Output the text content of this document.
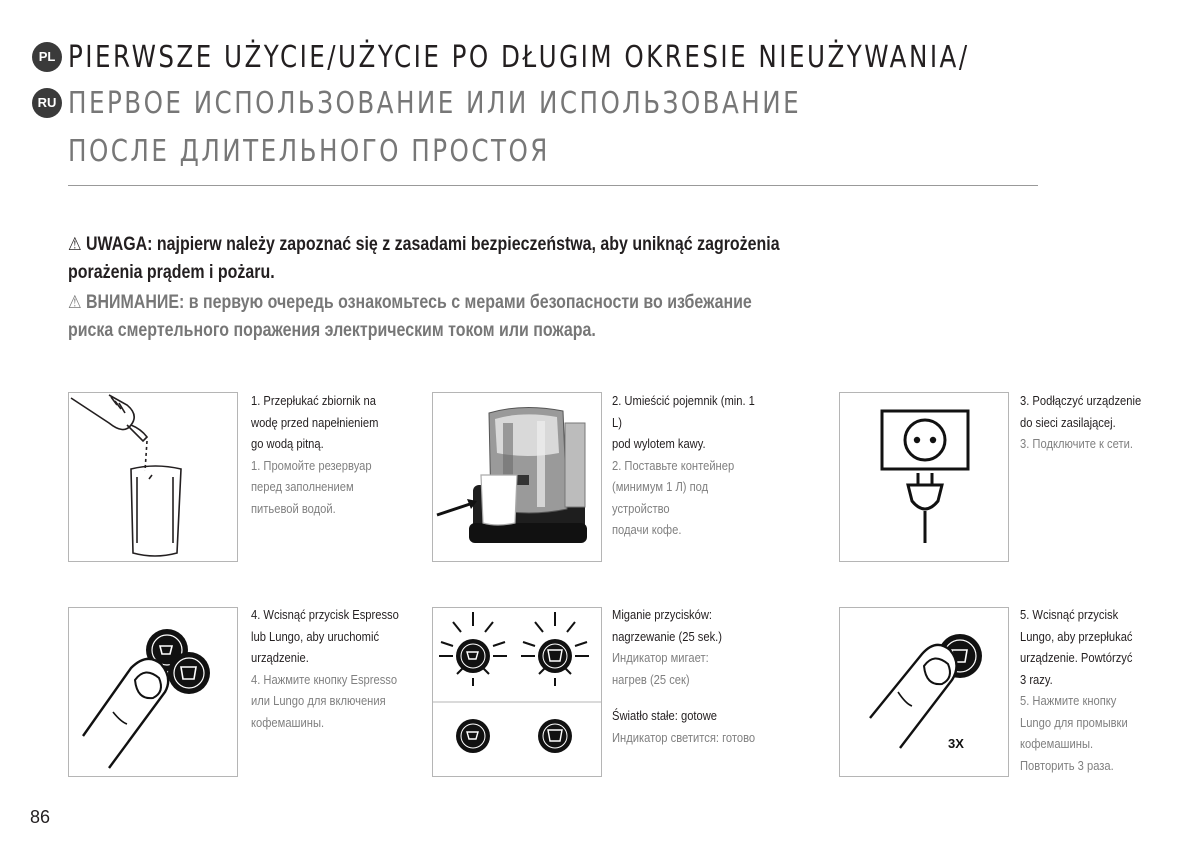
PL
RU
PIERWSZE UŻYCIE/UŻYCIE PO DŁUGIM OKRESIE NIEUŻYWANIA/
ПЕРВОЕ ИСПОЛЬЗОВАНИЕ ИЛИ ИСПОЛЬЗОВАНИЕ
ПОСЛЕ ДЛИТЕЛЬНОГО ПРОСТОЯ
⚠ UWAGA: najpierw należy zapoznać się z zasadami bezpieczeństwa, aby uniknąć zagrożenia
porażenia prądem i pożaru.
⚠ ВНИМАНИЕ: в первую очередь ознакомьтесь с мерами безопасности во избежание
риска смертельного поражения электрическим током или пожара.
1. Przepłukać zbiornik na
wodę przed napełnieniem
go wodą pitną.
1. Промойте резервуар
перед заполнением
питьевой водой.
2. Umieścić pojemnik (min. 1 L)
pod wylotem kawy.
2. Поставьте контейнер
(минимум 1 Л) под устройство
подачи кофе.
3. Podłączyć urządzenie
do sieci zasilającej.
3. Подключите к сети.
4. Wcisnąć przycisk Espresso
lub Lungo, aby uruchomić
urządzenie.
4. Нажмите кнопку Espresso
или Lungo для включения
кофемашины.
Miganie przycisków:
nagrzewanie (25 sek.)
Индикатор мигает:
нагрев (25 сек)
Światło stałe: gotowe
Индикатор светится: готово	3X
5. Wcisnąć przycisk
Lungo, aby przepłukać
urządzenie. Powtórzyć
3 razy.
5. Нажмите кнопку
Lungo для промывки
кофемашины.
Повторить 3 раза.
86
